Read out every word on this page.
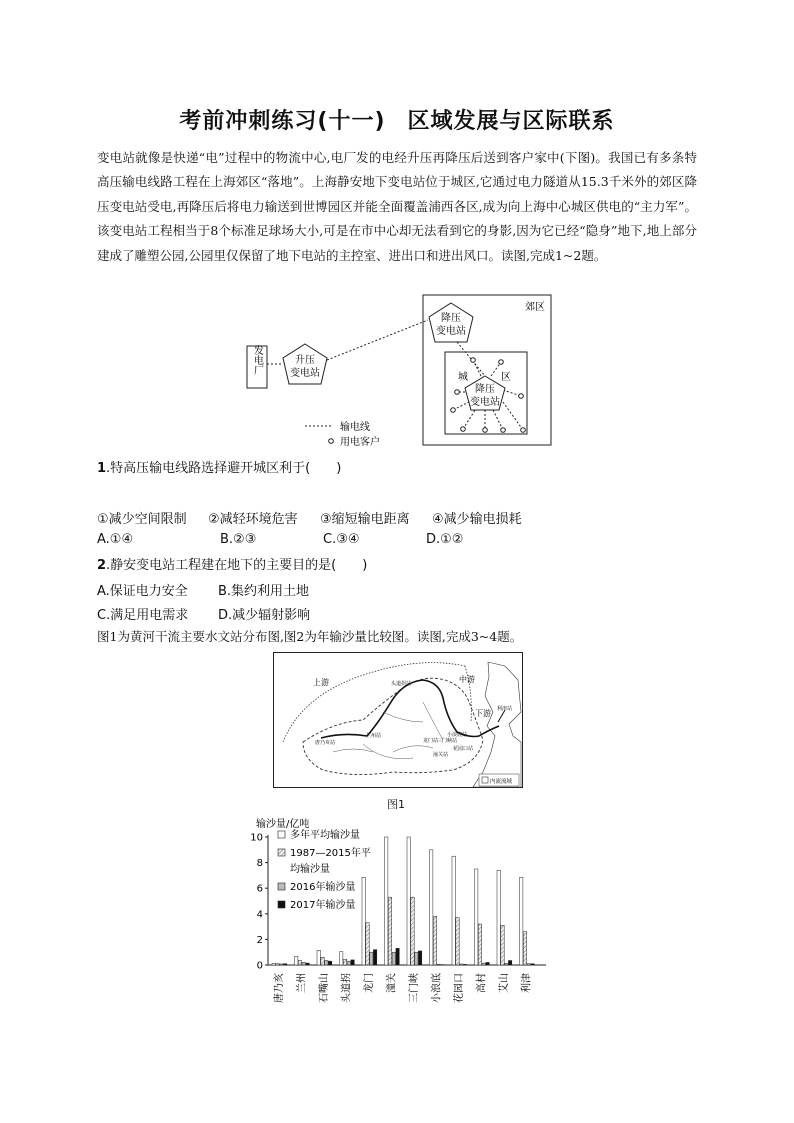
考前冲刺练习(十一) 区域发展与区际联系
变电站就像是快递“电”过程中的物流中心,电厂发的电经升压再降压后送到客户家中(下图)。我国已有多条特高压输电线路工程在上海郊区“落地”。上海静安地下变电站位于城区,它通过电力隧道从15.3千米外的郊区降压变电站受电,再降压后将电力输送到世博园区并能全面覆盖浦西各区,成为向上海中心城区供电的“主力军”。该变电站工程相当于8个标准足球场大小,可是在市中心却无法看到它的身影,因为它已经“隐身”地下,地上部分建成了雕塑公园,公园里仅保留了地下电站的主控室、进出口和进出风口。读图,完成1~2题。
发电厂	升压
变电站
郊区
降压
变电站
城	区
降压
变电站
输电线
用电客户
1.特高压输电线路选择避开城区利于(　　)
①减少空间限制 ②减轻环境危害 ③缩短输电距离 ④减少输电损耗
A.①④	B.②③	C.③④	D.①②
2.静安变电站工程建在地下的主要目的是(　　)
A.保证电力安全 B.集约利用土地
C.满足用电需求 D.减少辐射影响
图1为黄河干流主要水文站分布图,图2为年输沙量比较图。读图,完成3~4题。
上游	中游
下游
头道拐站
唐乃亥站
兰州站
龙门站
三门峡站
小浪底站
潼关站
花园口站
利津站
内流流域
图1
输沙量/亿吨
0
2
4
6
8
10
唐乃亥 兰州 石嘴山 头道拐 龙门 潼关 三门峡 小浪底 花园口 高村 艾山 利津
多年平均输沙量
1987—2015年平
2016年输沙量
2017年输沙量
均输沙量
